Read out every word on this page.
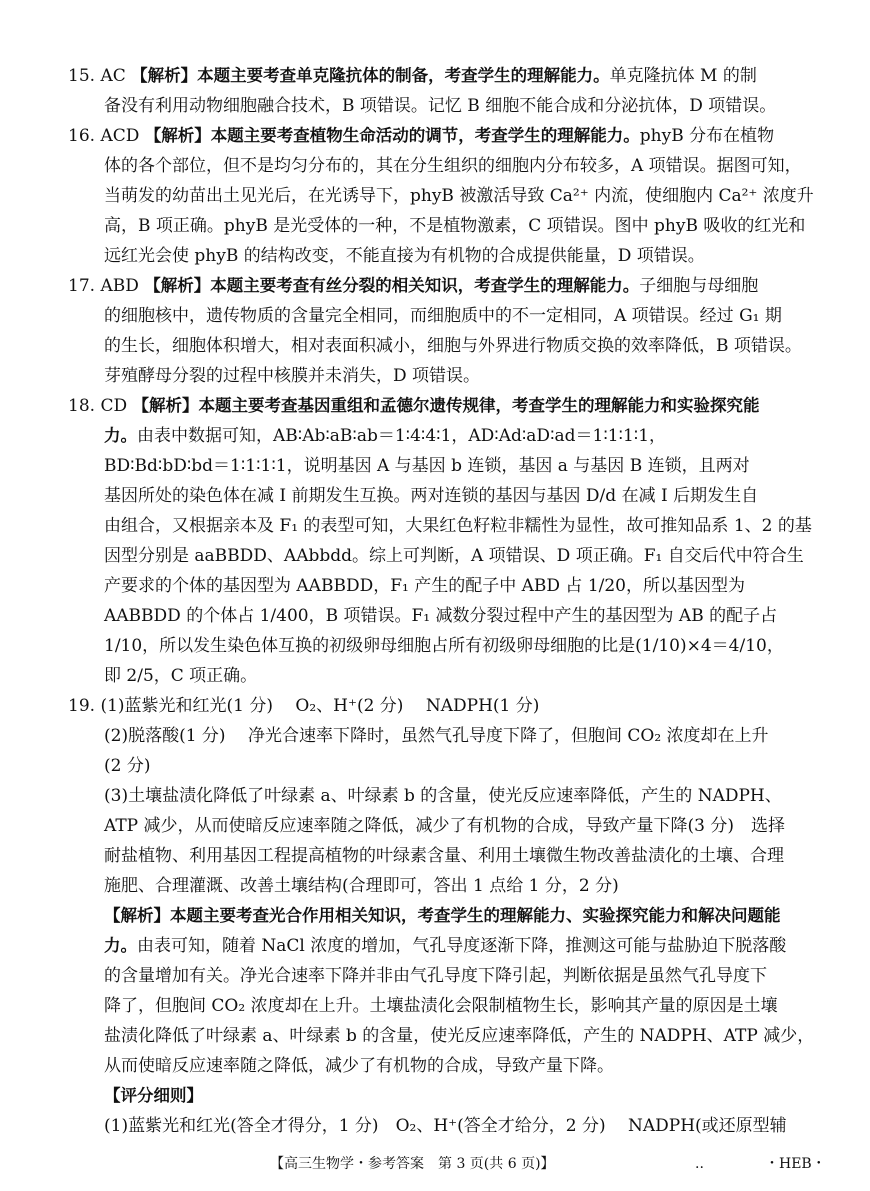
15. AC 【解析】本题主要考查单克隆抗体的制备，考查学生的理解能力。单克隆抗体 M 的制
备没有利用动物细胞融合技术，B 项错误。记忆 B 细胞不能合成和分泌抗体，D 项错误。
16. ACD 【解析】本题主要考查植物生命活动的调节，考查学生的理解能力。phyB 分布在植物
体的各个部位，但不是均匀分布的，其在分生组织的细胞内分布较多，A 项错误。据图可知，
当萌发的幼苗出土见光后，在光诱导下，phyB 被激活导致 Ca²⁺ 内流，使细胞内 Ca²⁺ 浓度升
高，B 项正确。phyB 是光受体的一种，不是植物激素，C 项错误。图中 phyB 吸收的红光和
远红光会使 phyB 的结构改变，不能直接为有机物的合成提供能量，D 项错误。
17. ABD 【解析】本题主要考查有丝分裂的相关知识，考查学生的理解能力。子细胞与母细胞
的细胞核中，遗传物质的含量完全相同，而细胞质中的不一定相同，A 项错误。经过 G₁ 期
的生长，细胞体积增大，相对表面积减小，细胞与外界进行物质交换的效率降低，B 项错误。
芽殖酵母分裂的过程中核膜并未消失，D 项错误。
18. CD 【解析】本题主要考查基因重组和孟德尔遗传规律，考查学生的理解能力和实验探究能
力。由表中数据可知，AB∶Ab∶aB∶ab＝1∶4∶4∶1，AD∶Ad∶aD∶ad＝1∶1∶1∶1，
BD∶Bd∶bD∶bd＝1∶1∶1∶1，说明基因 A 与基因 b 连锁，基因 a 与基因 B 连锁，且两对
基因所处的染色体在减 Ⅰ 前期发生互换。两对连锁的基因与基因 D/d 在减 Ⅰ 后期发生自
由组合，又根据亲本及 F₁ 的表型可知，大果红色籽粒非糯性为显性，故可推知品系 1、2 的基
因型分别是 aaBBDD、AAbbdd。综上可判断，A 项错误、D 项正确。F₁ 自交后代中符合生
产要求的个体的基因型为 AABBDD，F₁ 产生的配子中 ABD 占 1/20，所以基因型为
AABBDD 的个体占 1/400，B 项错误。F₁ 减数分裂过程中产生的基因型为 AB 的配子占
1/10，所以发生染色体互换的初级卵母细胞占所有初级卵母细胞的比是(1/10)×4＝4/10，
即 2/5，C 项正确。
19. (1)蓝紫光和红光(1 分)　 O₂、H⁺(2 分)　 NADPH(1 分)
(2)脱落酸(1 分)　 净光合速率下降时，虽然气孔导度下降了，但胞间 CO₂ 浓度却在上升
(2 分)
(3)土壤盐渍化降低了叶绿素 a、叶绿素 b 的含量，使光反应速率降低，产生的 NADPH、
ATP 减少，从而使暗反应速率随之降低，减少了有机物的合成，导致产量下降(3 分)　选择
耐盐植物、利用基因工程提高植物的叶绿素含量、利用土壤微生物改善盐渍化的土壤、合理
施肥、合理灌溉、改善土壤结构(合理即可，答出 1 点给 1 分，2 分)
【解析】本题主要考查光合作用相关知识，考查学生的理解能力、实验探究能力和解决问题能
力。由表可知，随着 NaCl 浓度的增加，气孔导度逐渐下降，推测这可能与盐胁迫下脱落酸
的含量增加有关。净光合速率下降并非由气孔导度下降引起，判断依据是虽然气孔导度下
降了，但胞间 CO₂ 浓度却在上升。土壤盐渍化会限制植物生长，影响其产量的原因是土壤
盐渍化降低了叶绿素 a、叶绿素 b 的含量，使光反应速率降低，产生的 NADPH、ATP 减少，
从而使暗反应速率随之降低，减少了有机物的合成，导致产量下降。
【评分细则】
(1)蓝紫光和红光(答全才得分，1 分)　O₂、H⁺(答全才给分，2 分)　 NADPH(或还原型辅
【高三生物学・参考答案　第 3 页(共 6 页)】	..	・HEB・
